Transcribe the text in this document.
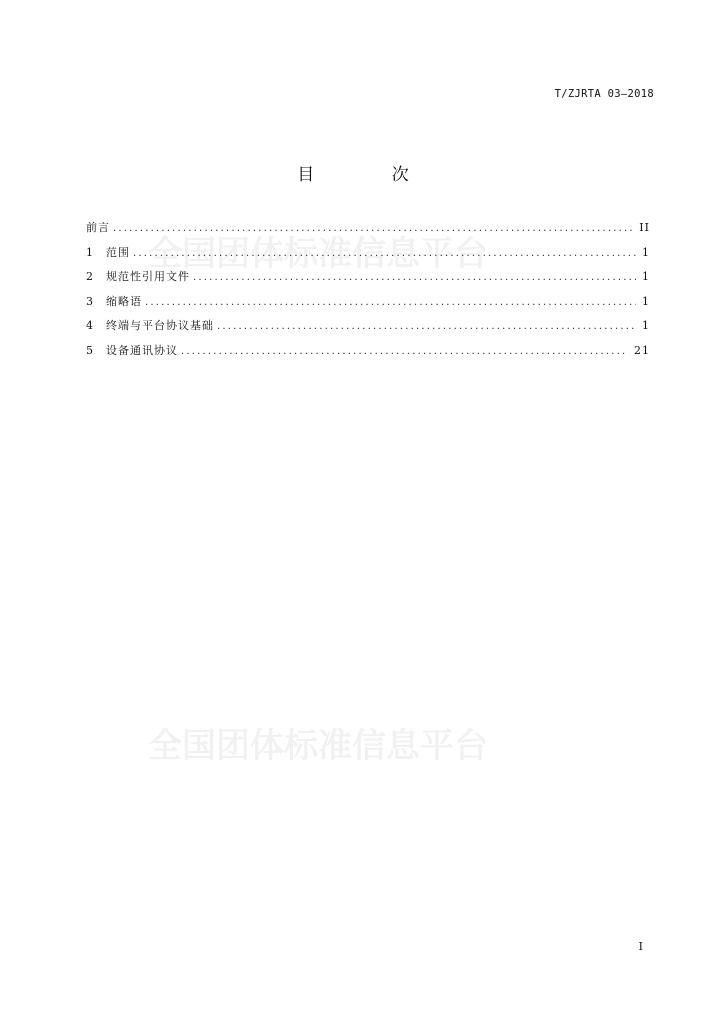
T/ZJRTA 03—2018
目 次
全国团体标准信息平台
全国团体标准信息平台
前言 .....	II
1	范围 .....	1
2	规范性引用文件 .....	1
3	缩略语 .....	1
4	终端与平台协议基础 .....	1
5	设备通讯协议 .....	21
I
